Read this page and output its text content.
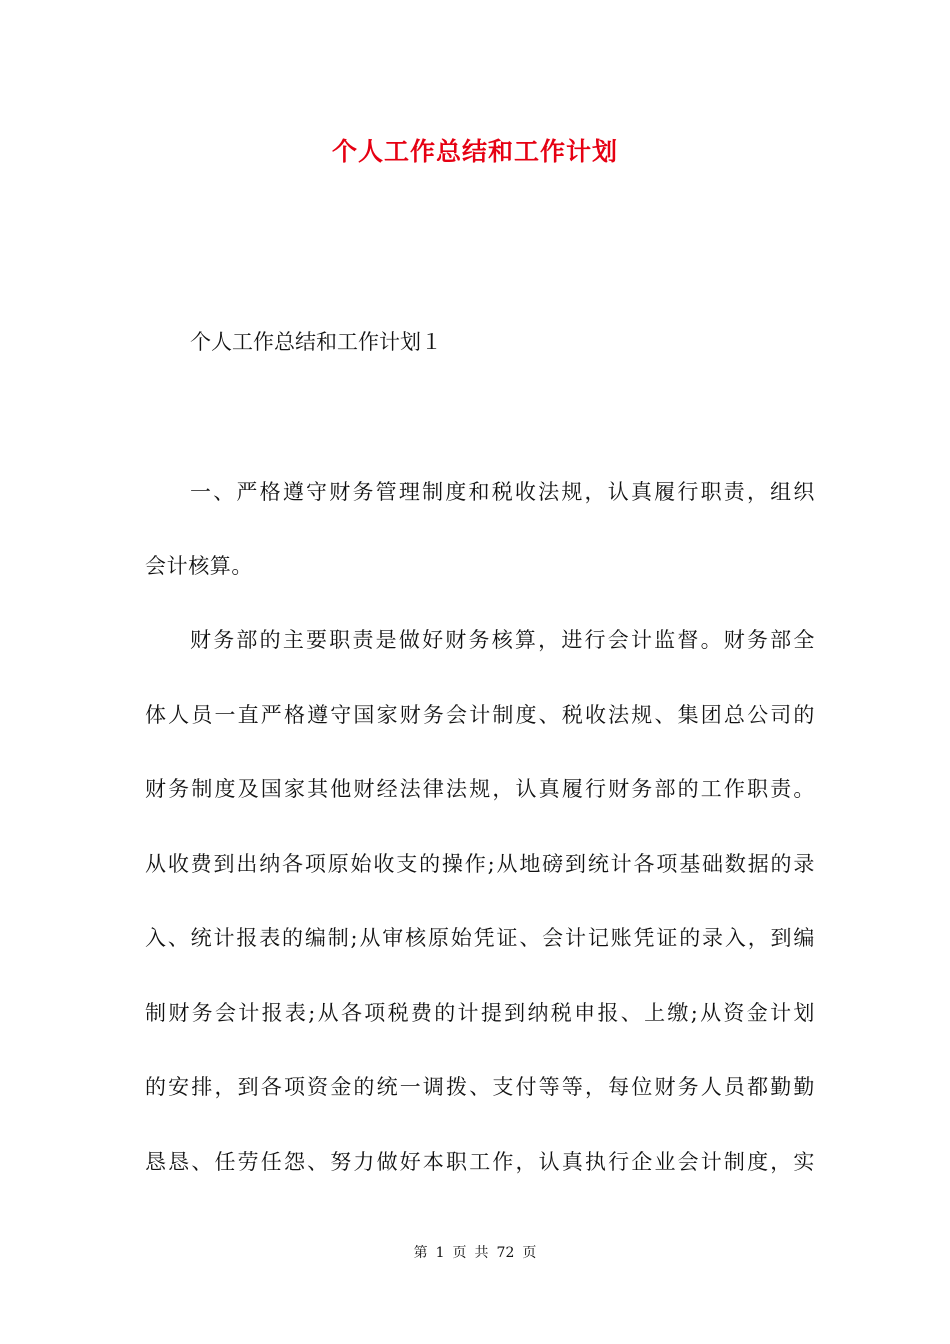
个人工作总结和工作计划
个人工作总结和工作计划１
一、严格遵守财务管理制度和税收法规，认真履行职责，组织
会计核算。
财务部的主要职责是做好财务核算，进行会计监督。财务部全
体人员一直严格遵守国家财务会计制度、税收法规、集团总公司的
财务制度及国家其他财经法律法规，认真履行财务部的工作职责。
从收费到出纳各项原始收支的操作;从地磅到统计各项基础数据的录
入、统计报表的编制;从审核原始凭证、会计记账凭证的录入，到编
制财务会计报表;从各项税费的计提到纳税申报、上缴;从资金计划
的安排，到各项资金的统一调拨、支付等等，每位财务人员都勤勤
恳恳、任劳任怨、努力做好本职工作，认真执行企业会计制度，实
第 1 页 共 72 页
